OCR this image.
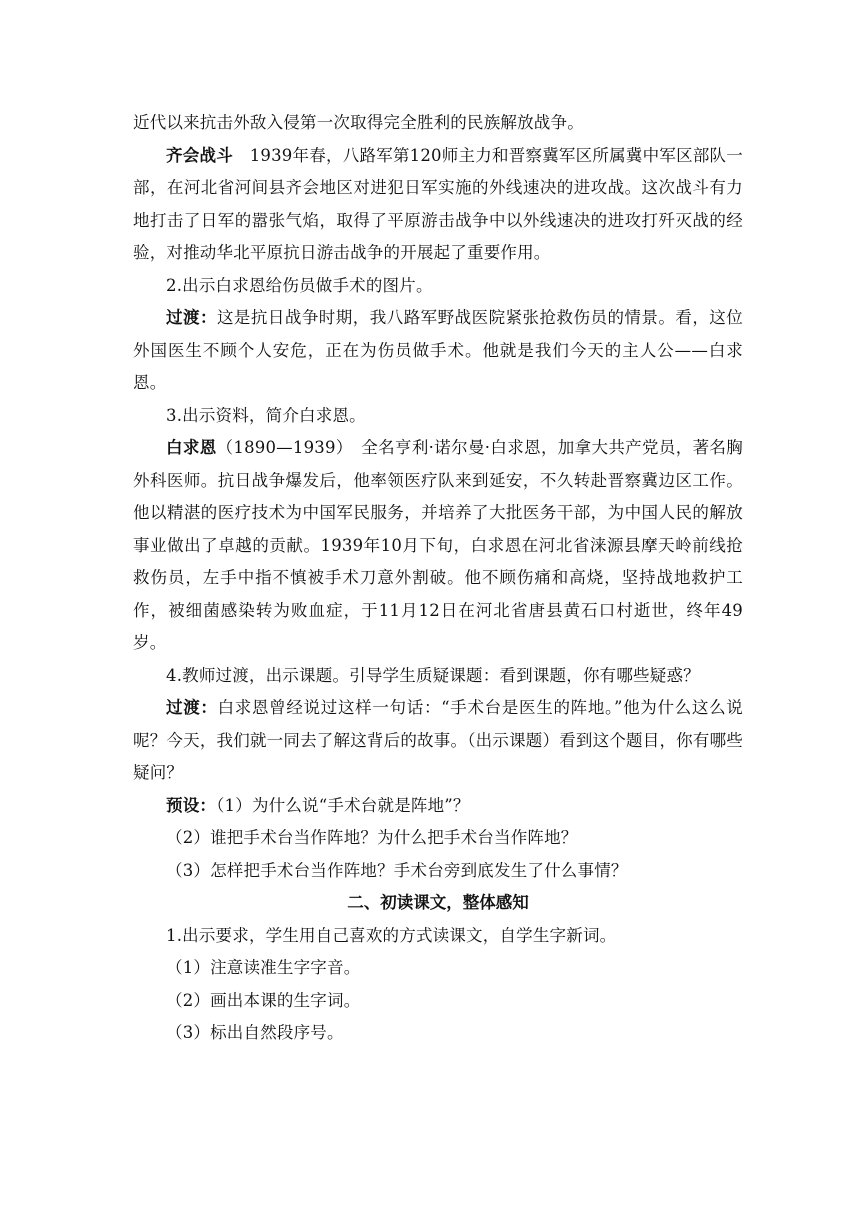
近代以来抗击外敌入侵第一次取得完全胜利的民族解放战争。

齐会战斗　1939年春，八路军第120师主力和晋察冀军区所属冀中军区部队一部，在河北省河间县齐会地区对进犯日军实施的外线速决的进攻战。这次战斗有力地打击了日军的嚣张气焰，取得了平原游击战争中以外线速决的进攻打歼灭战的经验，对推动华北平原抗日游击战争的开展起了重要作用。

2.出示白求恩给伤员做手术的图片。

过渡：这是抗日战争时期，我八路军野战医院紧张抢救伤员的情景。看，这位外国医生不顾个人安危，正在为伤员做手术。他就是我们今天的主人公——白求恩。

3.出示资料，简介白求恩。

白求恩（1890—1939）　全名亨利·诺尔曼·白求恩，加拿大共产党员，著名胸外科医师。抗日战争爆发后，他率领医疗队来到延安，不久转赴晋察冀边区工作。他以精湛的医疗技术为中国军民服务，并培养了大批医务干部，为中国人民的解放事业做出了卓越的贡献。1939年10月下旬，白求恩在河北省涞源县摩天岭前线抢救伤员，左手中指不慎被手术刀意外割破。他不顾伤痛和高烧，坚持战地救护工作，被细菌感染转为败血症，于11月12日在河北省唐县黄石口村逝世，终年49岁。

4.教师过渡，出示课题。引导学生质疑课题：看到课题，你有哪些疑惑？

过渡：白求恩曾经说过这样一句话：“手术台是医生的阵地。”他为什么这么说呢？今天，我们就一同去了解这背后的故事。（出示课题）看到这个题目，你有哪些疑问？

预设：（1）为什么说“手术台就是阵地”？

（2）谁把手术台当作阵地？为什么把手术台当作阵地？

（3）怎样把手术台当作阵地？手术台旁到底发生了什么事情？

二、初读课文，整体感知

1.出示要求，学生用自己喜欢的方式读课文，自学生字新词。

（1）注意读准生字字音。

（2）画出本课的生字词。

（3）标出自然段序号。
